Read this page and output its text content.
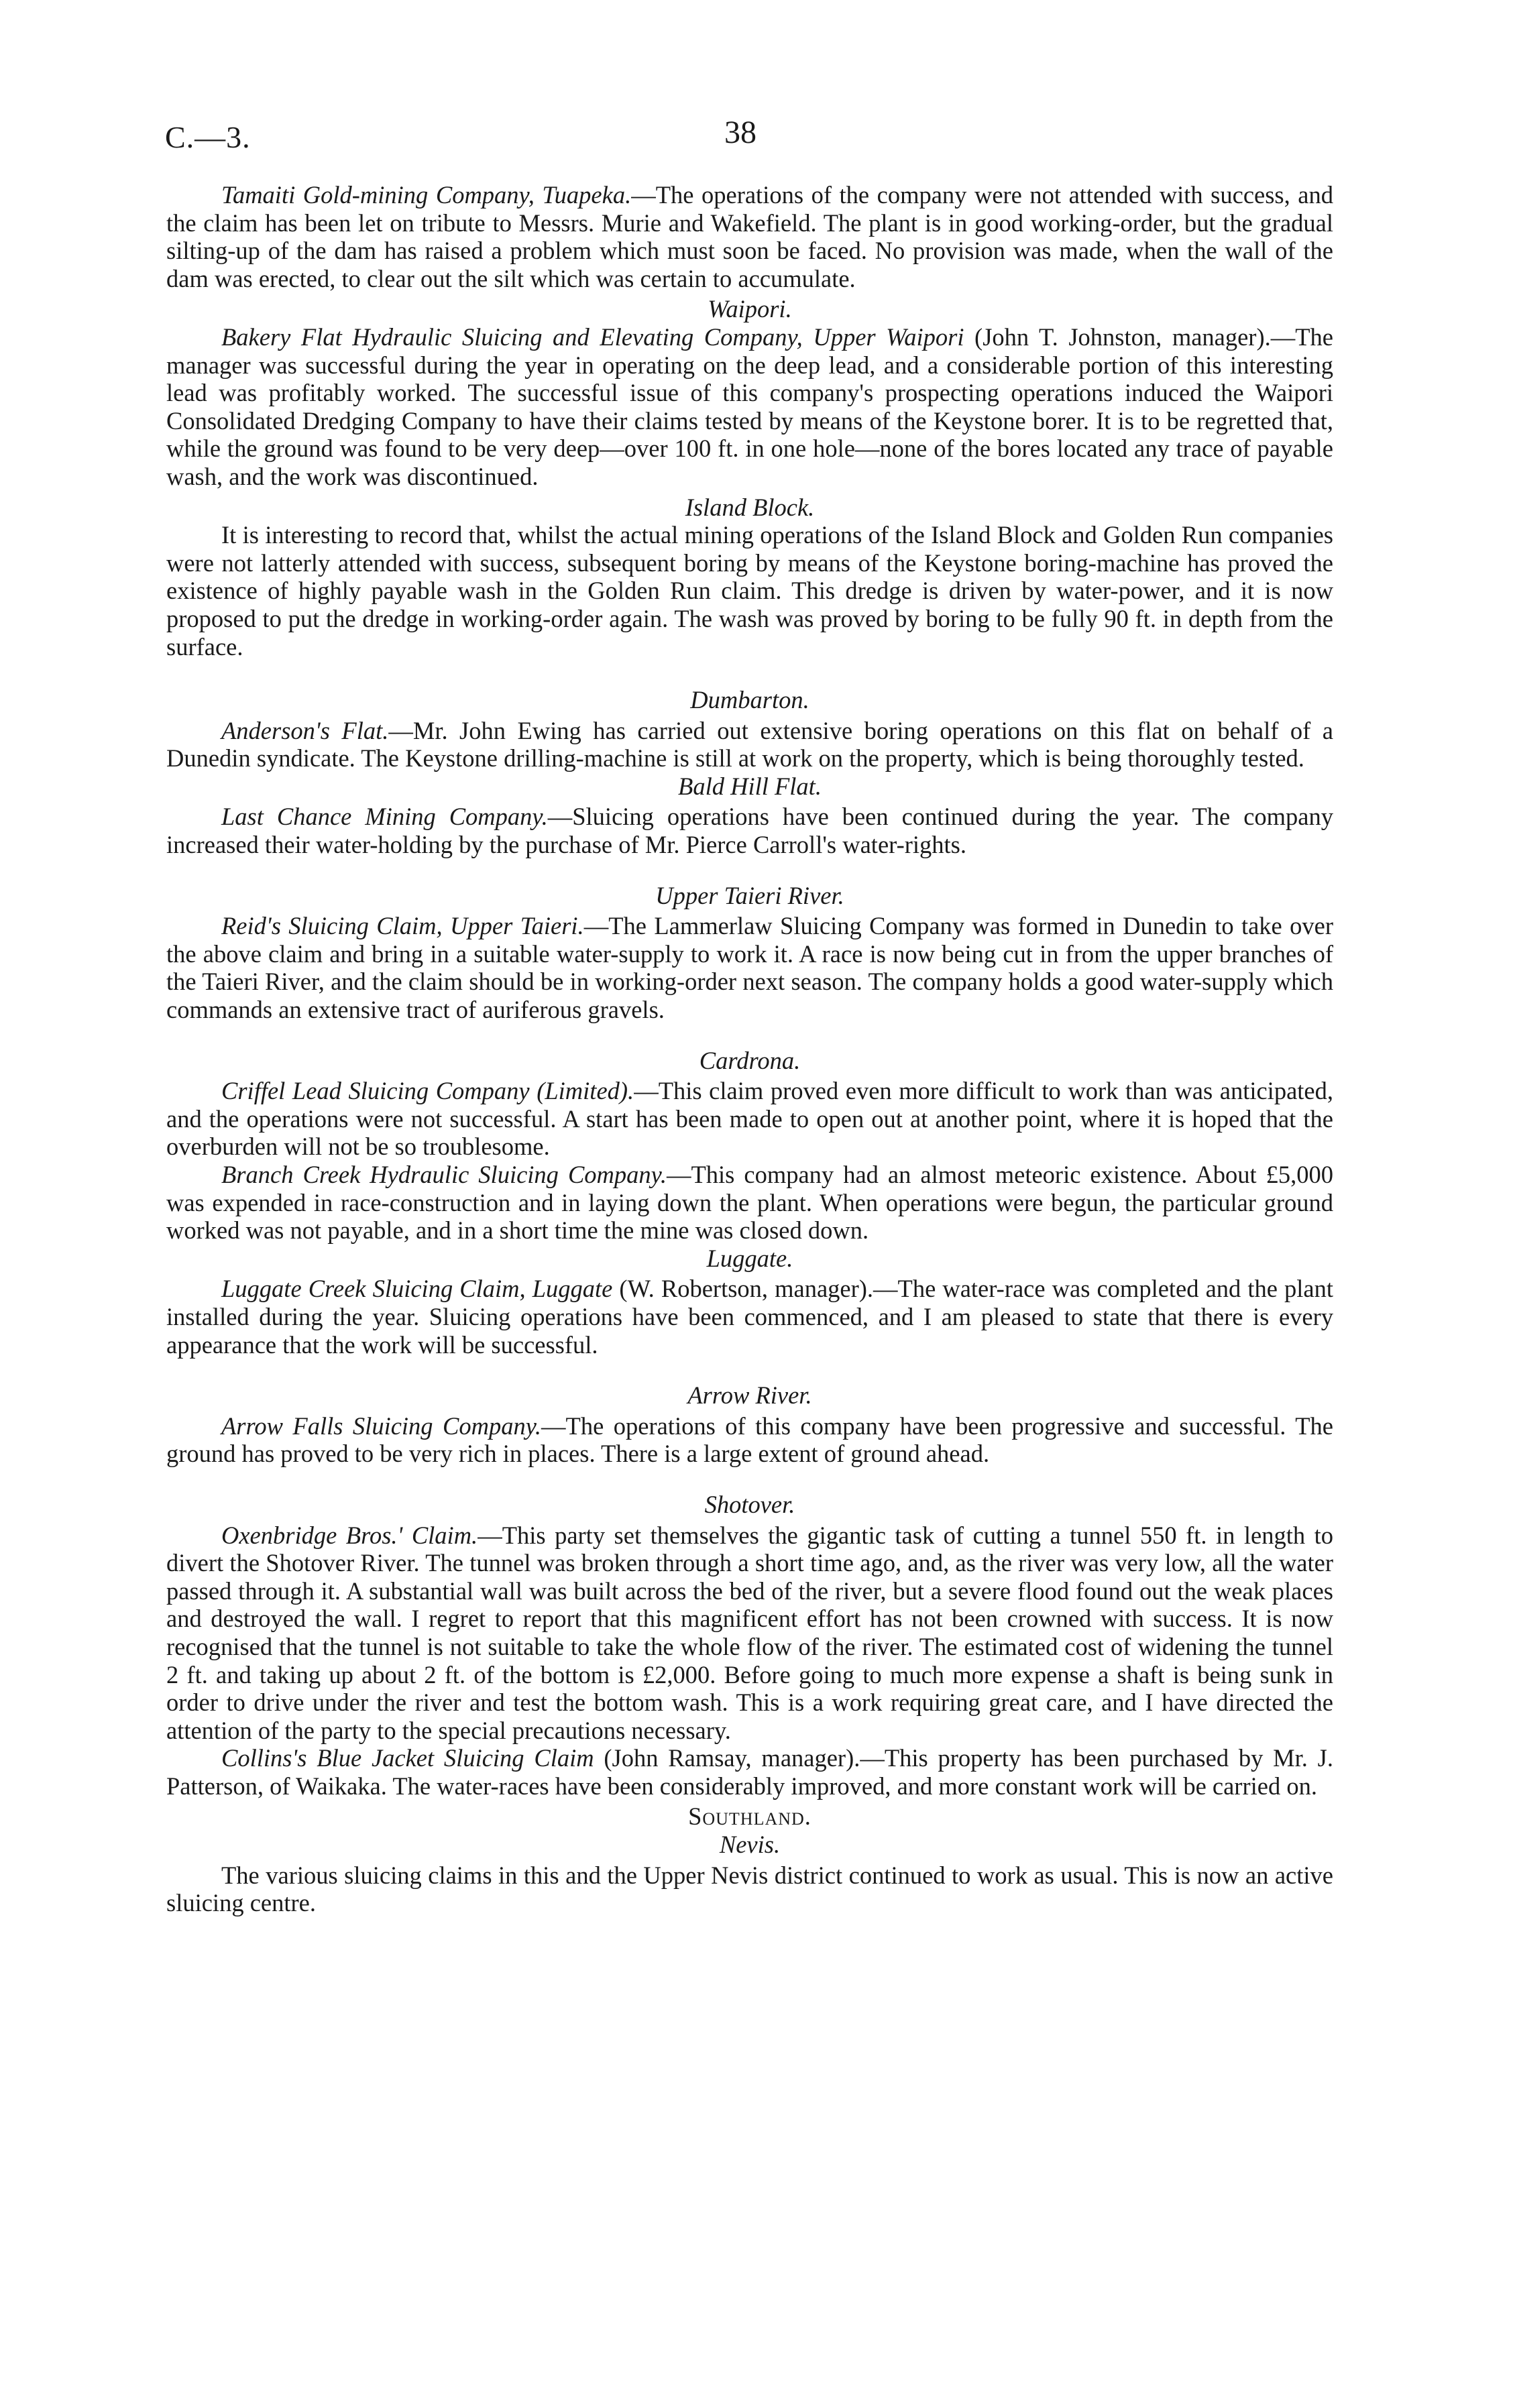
C.—3.	38

Tamaiti Gold-mining Company, Tuapeka.—The operations of the company were not attended with success, and the claim has been let on tribute to Messrs. Murie and Wakefield. The plant is in good working-order, but the gradual silting-up of the dam has raised a problem which must soon be faced. No provision was made, when the wall of the dam was erected, to clear out the silt which was certain to accumulate.

Waipori.

Bakery Flat Hydraulic Sluicing and Elevating Company, Upper Waipori (John T. Johnston, manager).—The manager was successful during the year in operating on the deep lead, and a considerable portion of this interesting lead was profitably worked. The successful issue of this company's prospecting operations induced the Waipori Consolidated Dredging Company to have their claims tested by means of the Keystone borer. It is to be regretted that, while the ground was found to be very deep—over 100 ft. in one hole—none of the bores located any trace of payable wash, and the work was discontinued.

Island Block.

It is interesting to record that, whilst the actual mining operations of the Island Block and Golden Run companies were not latterly attended with success, subsequent boring by means of the Keystone boring-machine has proved the existence of highly payable wash in the Golden Run claim. This dredge is driven by water-power, and it is now proposed to put the dredge in working-order again. The wash was proved by boring to be fully 90 ft. in depth from the surface.

Dumbarton.

Anderson's Flat.—Mr. John Ewing has carried out extensive boring operations on this flat on behalf of a Dunedin syndicate. The Keystone drilling-machine is still at work on the property, which is being thoroughly tested.

Bald Hill Flat.

Last Chance Mining Company.—Sluicing operations have been continued during the year. The company increased their water-holding by the purchase of Mr. Pierce Carroll's water-rights.

Upper Taieri River.

Reid's Sluicing Claim, Upper Taieri.—The Lammerlaw Sluicing Company was formed in Dunedin to take over the above claim and bring in a suitable water-supply to work it. A race is now being cut in from the upper branches of the Taieri River, and the claim should be in working-order next season. The company holds a good water-supply which commands an extensive tract of auriferous gravels.

Cardrona.

Criffel Lead Sluicing Company (Limited).—This claim proved even more difficult to work than was anticipated, and the operations were not successful. A start has been made to open out at another point, where it is hoped that the overburden will not be so troublesome.

Branch Creek Hydraulic Sluicing Company.—This company had an almost meteoric existence. About £5,000 was expended in race-construction and in laying down the plant. When operations were begun, the particular ground worked was not payable, and in a short time the mine was closed down.

Luggate.

Luggate Creek Sluicing Claim, Luggate (W. Robertson, manager).—The water-race was completed and the plant installed during the year. Sluicing operations have been commenced, and I am pleased to state that there is every appearance that the work will be successful.

Arrow River.

Arrow Falls Sluicing Company.—The operations of this company have been progressive and successful. The ground has proved to be very rich in places. There is a large extent of ground ahead.

Shotover.

Oxenbridge Bros.' Claim.—This party set themselves the gigantic task of cutting a tunnel 550 ft. in length to divert the Shotover River. The tunnel was broken through a short time ago, and, as the river was very low, all the water passed through it. A substantial wall was built across the bed of the river, but a severe flood found out the weak places and destroyed the wall. I regret to report that this magnificent effort has not been crowned with success. It is now recognised that the tunnel is not suitable to take the whole flow of the river. The estimated cost of widening the tunnel 2 ft. and taking up about 2 ft. of the bottom is £2,000. Before going to much more expense a shaft is being sunk in order to drive under the river and test the bottom wash. This is a work requiring great care, and I have directed the attention of the party to the special precautions necessary.

Collins's Blue Jacket Sluicing Claim (John Ramsay, manager).—This property has been purchased by Mr. J. Patterson, of Waikaka. The water-races have been considerably improved, and more constant work will be carried on.

Southland.

Nevis.

The various sluicing claims in this and the Upper Nevis district continued to work as usual. This is now an active sluicing centre.
